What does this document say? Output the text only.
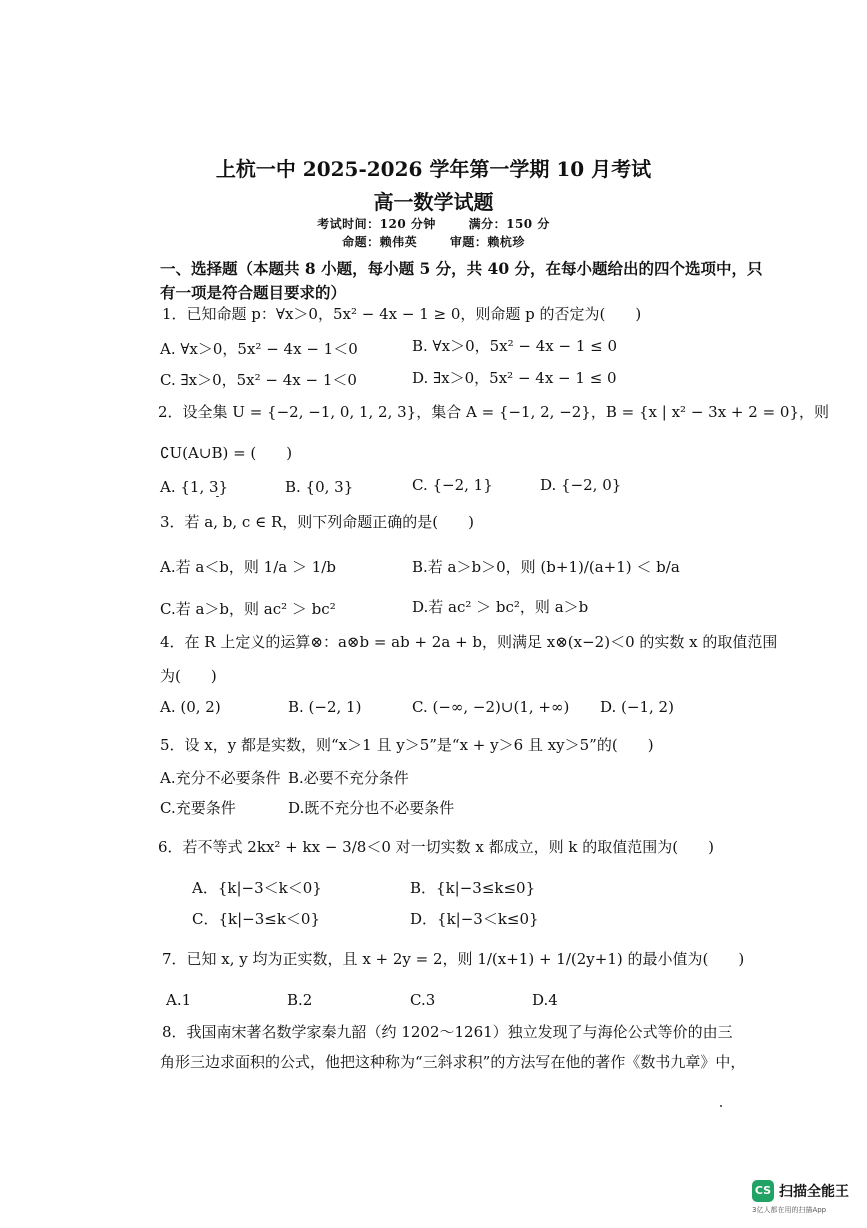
上杭一中 2025-2026 学年第一学期 10 月考试
高一数学试题
考试时间：120 分钟	满分：150 分
命题：赖伟英	审题：赖杭珍
一、选择题（本题共 8 小题，每小题 5 分，共 40 分，在每小题给出的四个选项中，只
有一项是符合题目要求的）
1．已知命题 p：∀x＞0，5x² − 4x − 1 ≥ 0，则命题 p 的否定为(　　)
A. ∀x＞0，5x² − 4x − 1＜0	B. ∀x＞0，5x² − 4x − 1 ≤ 0
C. ∃x＞0，5x² − 4x − 1＜0	D. ∃x＞0，5x² − 4x − 1 ≤ 0
2．设全集 U = {−2, −1, 0, 1, 2, 3}，集合 A = {−1, 2, −2}，B = {x | x² − 3x + 2 = 0}，则
∁U(A∪B) = (　　)
A. {1, 3}	B. {0, 3}	C. {−2, 1}	D. {−2, 0}
3．若 a, b, c ∈ R，则下列命题正确的是(　　)
A.若 a＜b，则 1/a ＞ 1/b	B.若 a＞b＞0，则 (b+1)/(a+1) ＜ b/a
C.若 a＞b，则 ac² ＞ bc²	D.若 ac² ＞ bc²，则 a＞b
4．在 R 上定义的运算⊗：a⊗b = ab + 2a + b，则满足 x⊗(x−2)＜0 的实数 x 的取值范围
为(　　)
A. (0, 2)	B. (−2, 1)	C. (−∞, −2)∪(1, +∞) D. (−1, 2)
5．设 x，y 都是实数，则“x＞1 且 y＞5”是“x + y＞6 且 xy＞5”的(　　)
A.充分不必要条件 B.必要不充分条件
C.充要条件	D.既不充分也不必要条件
6．若不等式 2kx² + kx − 3/8＜0 对一切实数 x 都成立，则 k 的取值范围为(　　)
A．{k|−3＜k＜0}	B．{k|−3≤k≤0}
C．{k|−3≤k＜0}	D．{k|−3＜k≤0}
7．已知 x, y 均为正实数，且 x + 2y = 2，则 1/(x+1) + 1/(2y+1) 的最小值为(　　)
A.1	B.2	C.3	D.4
8．我国南宋著名数学家秦九韶（约 1202～1261）独立发现了与海伦公式等价的由三
角形三边求面积的公式，他把这种称为“三斜求积”的方法写在他的著作《数书九章》中，
CS 扫描全能王
3亿人都在用的扫描App
